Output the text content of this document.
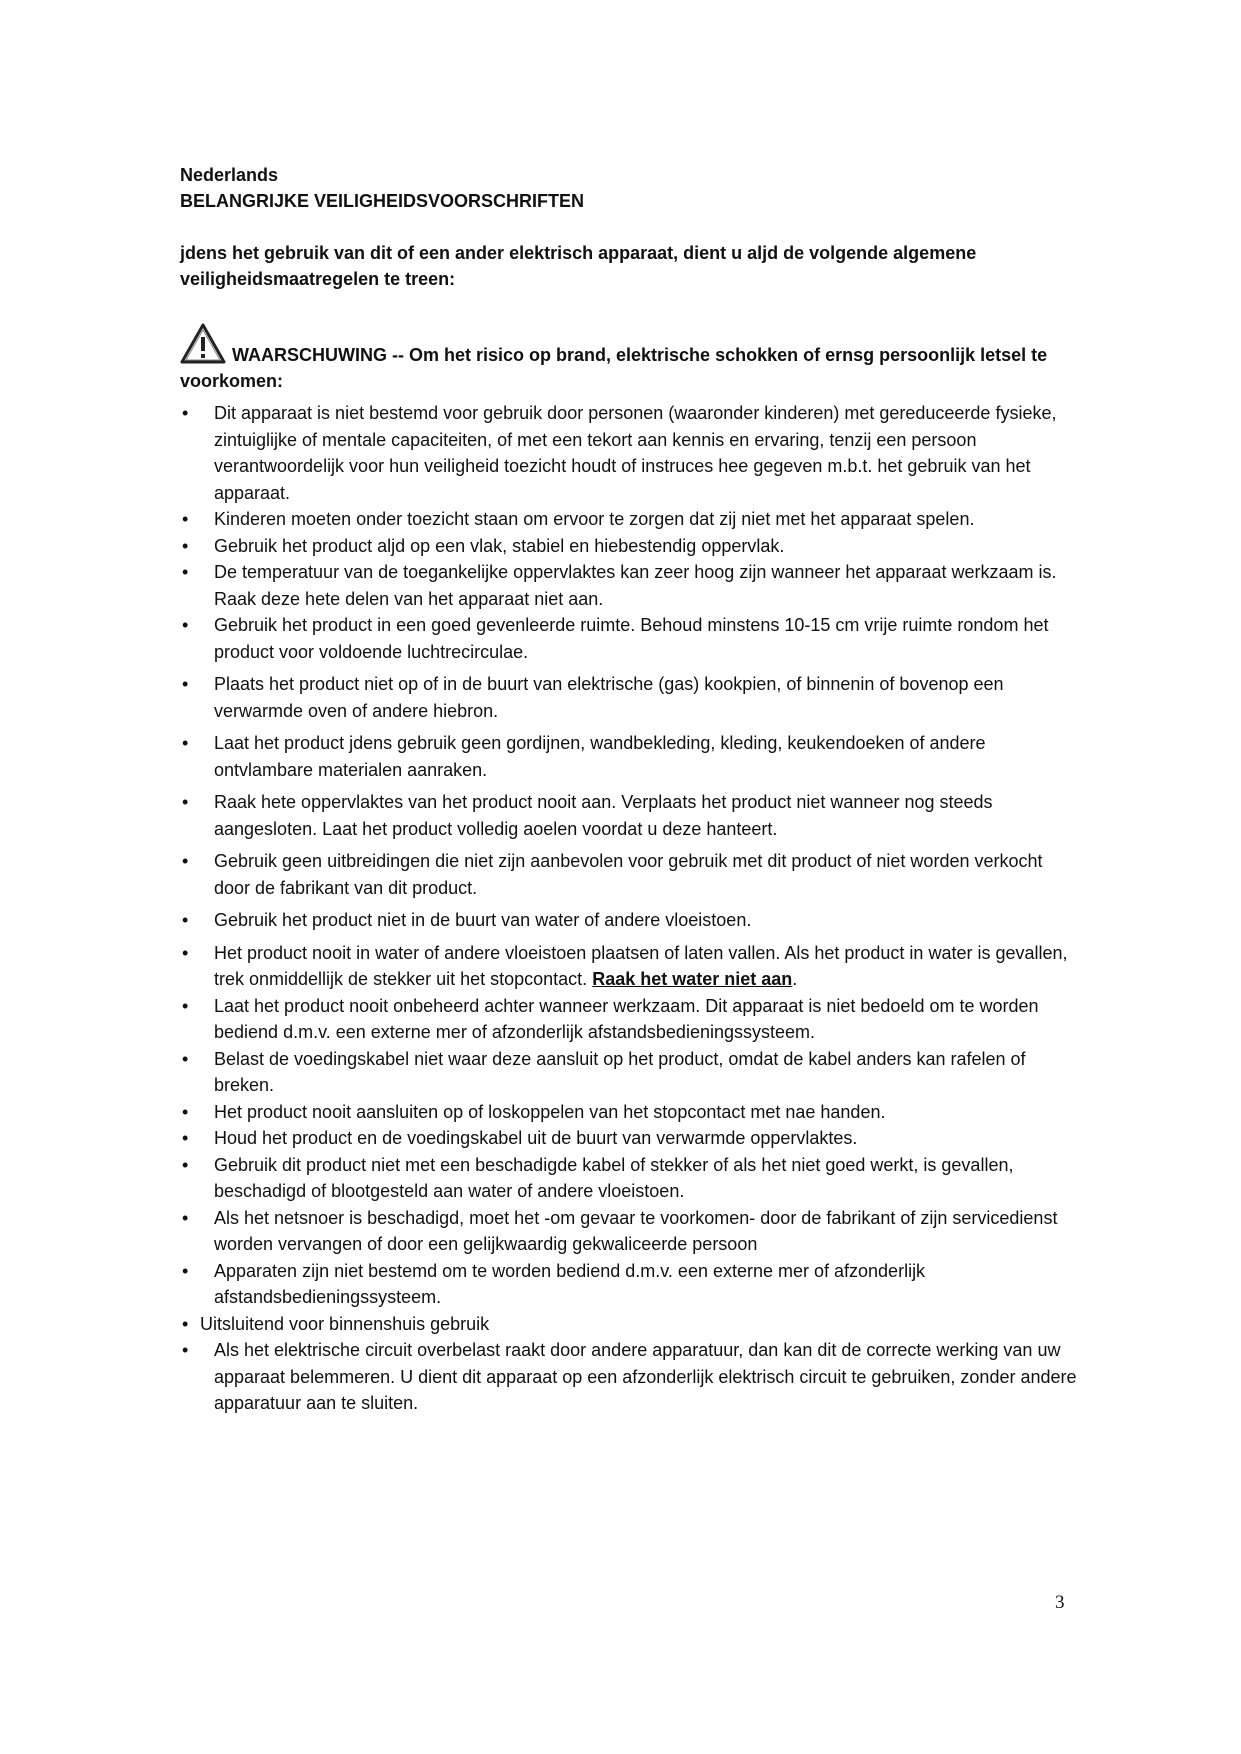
Nederlands

BELANGRIJKE VEILIGHEIDSVOORSCHRIFTEN

jdens het gebruik van dit of een ander elektrisch apparaat, dient u aljd de volgende algemene veiligheidsmaatregelen te treen:

WAARSCHUWING -- Om het risico op brand, elektrische schokken of ernsg persoonlijk letsel te voorkomen:
• Dit apparaat is niet bestemd voor gebruik door personen (waaronder kinderen) met gereduceerde fysieke, zintuiglijke of mentale capaciteiten, of met een tekort aan kennis en ervaring, tenzij een persoon verantwoordelijk voor hun veiligheid toezicht houdt of instruces hee gegeven m.b.t. het gebruik van het apparaat.
• Kinderen moeten onder toezicht staan om ervoor te zorgen dat zij niet met het apparaat spelen.
• Gebruik het product aljd op een vlak, stabiel en hiebestendig oppervlak.
• De temperatuur van de toegankelijke oppervlaktes kan zeer hoog zijn wanneer het apparaat werkzaam is. Raak deze hete delen van het apparaat niet aan.
• Gebruik het product in een goed gevenleerde ruimte. Behoud minstens 10-15 cm vrije ruimte rondom het product voor voldoende luchtrecirculae.
• Plaats het product niet op of in de buurt van elektrische (gas) kookpien, of binnenin of bovenop een verwarmde oven of andere hiebron.
• Laat het product jdens gebruik geen gordijnen, wandbekleding, kleding, keukendoeken of andere ontvlambare materialen aanraken.
• Raak hete oppervlaktes van het product nooit aan. Verplaats het product niet wanneer nog steeds aangesloten. Laat het product volledig aoelen voordat u deze hanteert.
• Gebruik geen uitbreidingen die niet zijn aanbevolen voor gebruik met dit product of niet worden verkocht door de fabrikant van dit product.
• Gebruik het product niet in de buurt van water of andere vloeistoen.
• Het product nooit in water of andere vloeistoen plaatsen of laten vallen. Als het product in water is gevallen, trek onmiddellijk de stekker uit het stopcontact. Raak het water niet aan.
• Laat het product nooit onbeheerd achter wanneer werkzaam. Dit apparaat is niet bedoeld om te worden bediend d.m.v. een externe mer of afzonderlijk afstandsbedieningssysteem.
• Belast de voedingskabel niet waar deze aansluit op het product, omdat de kabel anders kan rafelen of breken.
• Het product nooit aansluiten op of loskoppelen van het stopcontact met nae handen.
• Houd het product en de voedingskabel uit de buurt van verwarmde oppervlaktes.
• Gebruik dit product niet met een beschadigde kabel of stekker of als het niet goed werkt, is gevallen, beschadigd of blootgesteld aan water of andere vloeistoen.
• Als het netsnoer is beschadigd, moet het -om gevaar te voorkomen- door de fabrikant of zijn servicedienst worden vervangen of door een gelijkwaardig gekwaliceerde persoon
• Apparaten zijn niet bestemd om te worden bediend d.m.v. een externe mer of afzonderlijk afstandsbedieningssysteem.
• Uitsluitend voor binnenshuis gebruik
• Als het elektrische circuit overbelast raakt door andere apparatuur, dan kan dit de correcte werking van uw apparaat belemmeren. U dient dit apparaat op een afzonderlijk elektrisch circuit te gebruiken, zonder andere apparatuur aan te sluiten.
3
